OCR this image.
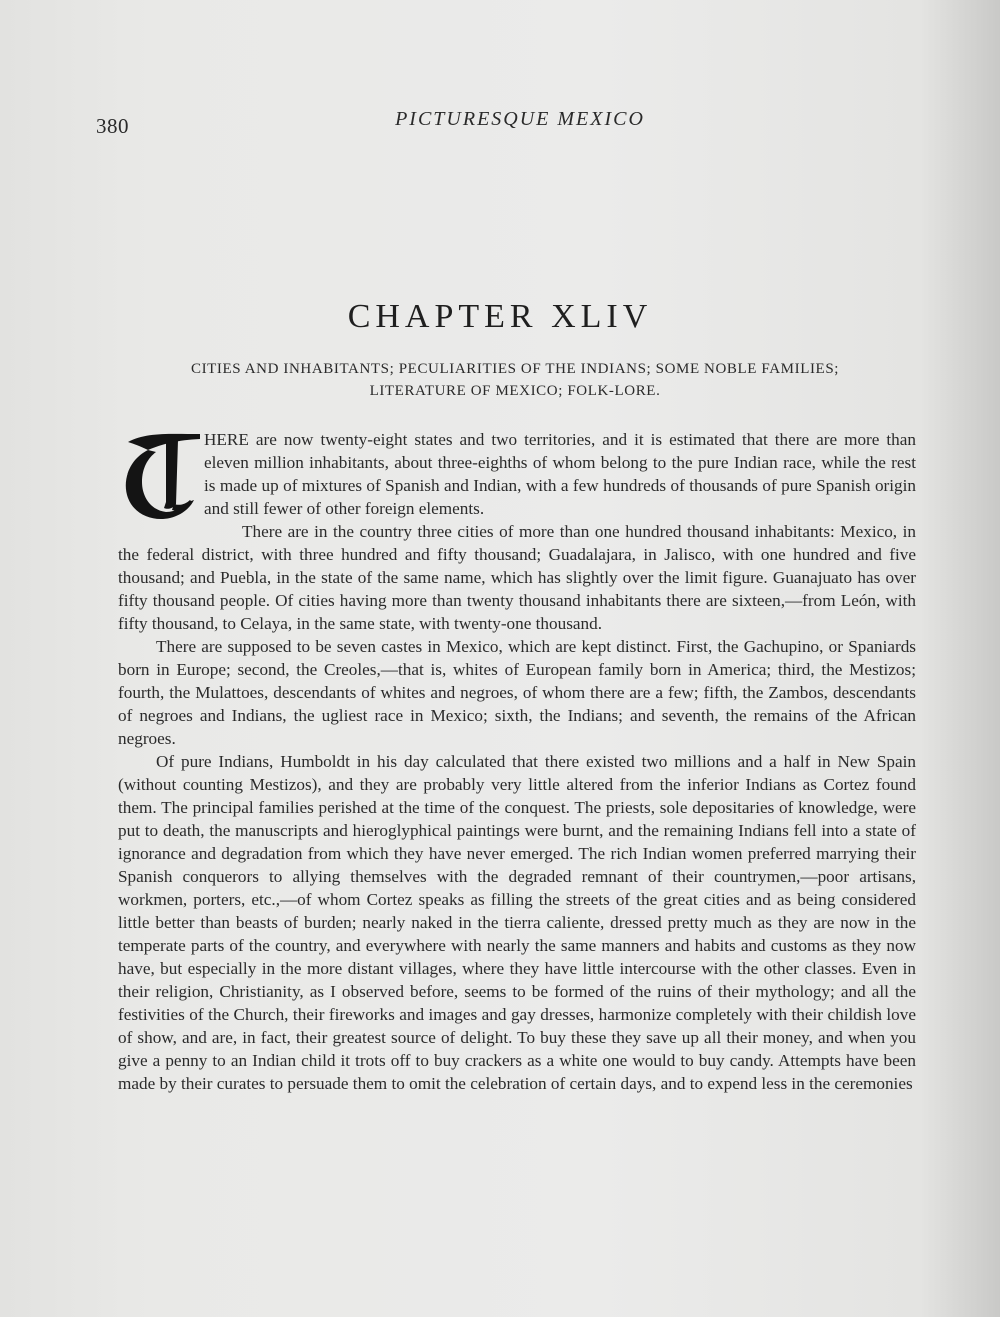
380	PICTURESQUE MEXICO
CHAPTER XLIV

CITIES AND INHABITANTS; PECULIARITIES OF THE INDIANS; SOME NOBLE FAMILIES; LITERATURE OF MEXICO; FOLK-LORE.

HERE are now twenty-eight states and two territories, and it is estimated that there are more than eleven million inhabitants, about three-eighths of whom belong to the pure Indian race, while the rest is made up of mixtures of Spanish and Indian, with a few hundreds of thousands of pure Spanish origin and still fewer of other foreign elements.

There are in the country three cities of more than one hundred thousand inhabitants: Mexico, in the federal district, with three hundred and fifty thousand; Guadalajara, in Jalisco, with one hundred and five thousand; and Puebla, in the state of the same name, which has slightly over the limit figure. Guanajuato has over fifty thousand people. Of cities having more than twenty thousand inhabitants there are sixteen,—from León, with fifty thousand, to Celaya, in the same state, with twenty-one thousand.

There are supposed to be seven castes in Mexico, which are kept distinct. First, the Gachupino, or Spaniards born in Europe; second, the Creoles,—that is, whites of European family born in America; third, the Mestizos; fourth, the Mulattoes, descendants of whites and negroes, of whom there are a few; fifth, the Zambos, descendants of negroes and Indians, the ugliest race in Mexico; sixth, the Indians; and seventh, the remains of the African negroes.

Of pure Indians, Humboldt in his day calculated that there existed two millions and a half in New Spain (without counting Mestizos), and they are probably very little altered from the inferior Indians as Cortez found them. The principal families perished at the time of the conquest. The priests, sole depositaries of knowledge, were put to death, the manuscripts and hieroglyphical paintings were burnt, and the remaining Indians fell into a state of ignorance and degradation from which they have never emerged. The rich Indian women preferred marrying their Spanish conquerors to allying themselves with the degraded remnant of their countrymen,—poor artisans, workmen, porters, etc.,—of whom Cortez speaks as filling the streets of the great cities and as being considered little better than beasts of burden; nearly naked in the tierra caliente, dressed pretty much as they are now in the temperate parts of the country, and everywhere with nearly the same manners and habits and customs as they now have, but especially in the more distant villages, where they have little intercourse with the other classes. Even in their religion, Christianity, as I observed before, seems to be formed of the ruins of their mythology; and all the festivities of the Church, their fireworks and images and gay dresses, harmonize completely with their childish love of show, and are, in fact, their greatest source of delight. To buy these they save up all their money, and when you give a penny to an Indian child it trots off to buy crackers as a white one would to buy candy. Attempts have been made by their curates to persuade them to omit the celebration of certain days, and to expend less in the ceremonies
